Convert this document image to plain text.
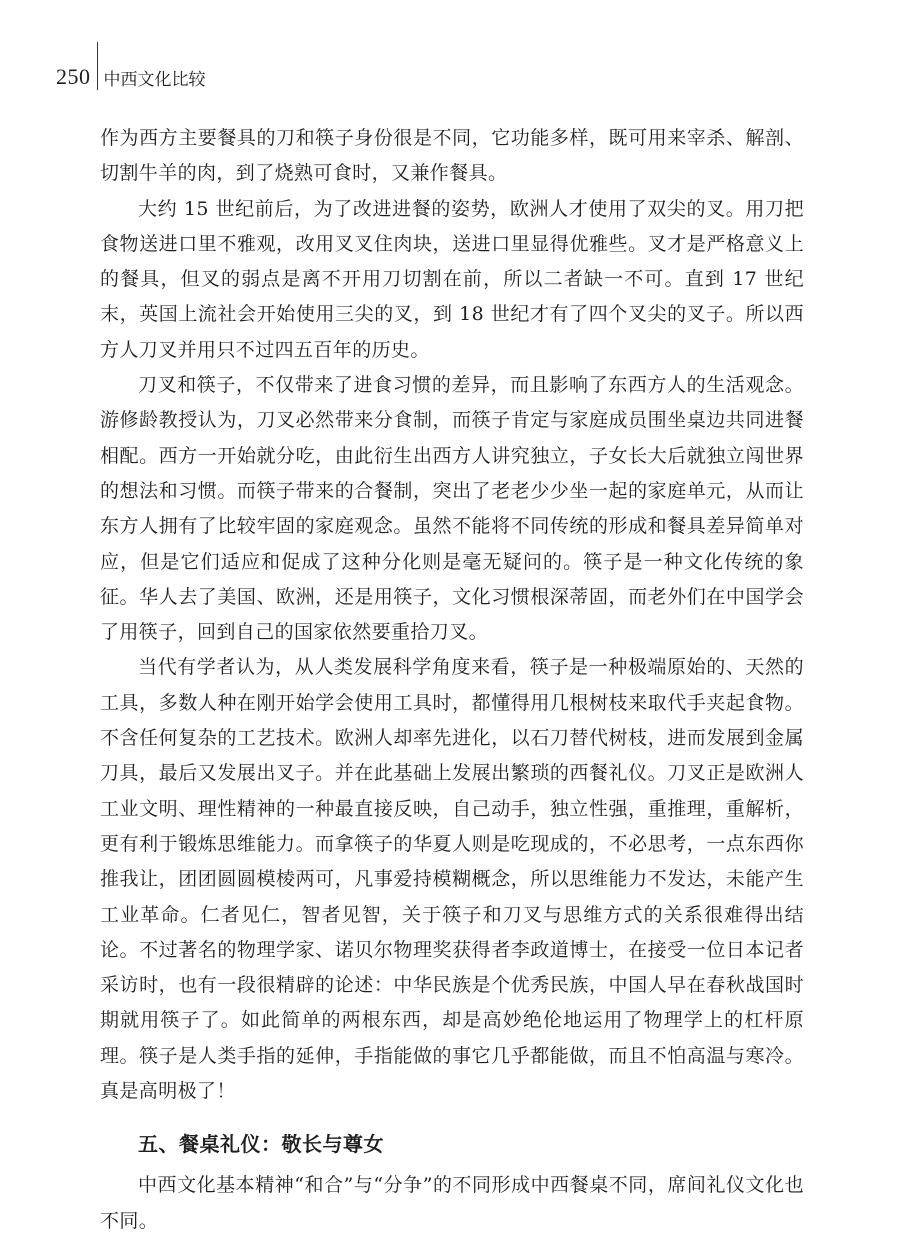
250 中西文化比较

作为西方主要餐具的刀和筷子身份很是不同，它功能多样，既可用来宰杀、解剖、切割牛羊的肉，到了烧熟可食时，又兼作餐具。

大约 15 世纪前后，为了改进进餐的姿势，欧洲人才使用了双尖的叉。用刀把食物送进口里不雅观，改用叉叉住肉块，送进口里显得优雅些。叉才是严格意义上的餐具，但叉的弱点是离不开用刀切割在前，所以二者缺一不可。直到 17 世纪末，英国上流社会开始使用三尖的叉，到 18 世纪才有了四个叉尖的叉子。所以西方人刀叉并用只不过四五百年的历史。

刀叉和筷子，不仅带来了进食习惯的差异，而且影响了东西方人的生活观念。游修龄教授认为，刀叉必然带来分食制，而筷子肯定与家庭成员围坐桌边共同进餐相配。西方一开始就分吃，由此衍生出西方人讲究独立，子女长大后就独立闯世界的想法和习惯。而筷子带来的合餐制，突出了老老少少坐一起的家庭单元，从而让东方人拥有了比较牢固的家庭观念。虽然不能将不同传统的形成和餐具差异简单对应，但是它们适应和促成了这种分化则是毫无疑问的。筷子是一种文化传统的象征。华人去了美国、欧洲，还是用筷子，文化习惯根深蒂固，而老外们在中国学会了用筷子，回到自己的国家依然要重拾刀叉。

当代有学者认为，从人类发展科学角度来看，筷子是一种极端原始的、天然的工具，多数人种在刚开始学会使用工具时，都懂得用几根树枝来取代手夹起食物。不含任何复杂的工艺技术。欧洲人却率先进化，以石刀替代树枝，进而发展到金属刀具，最后又发展出叉子。并在此基础上发展出繁琐的西餐礼仪。刀叉正是欧洲人工业文明、理性精神的一种最直接反映，自己动手，独立性强，重推理，重解析，更有利于锻炼思维能力。而拿筷子的华夏人则是吃现成的，不必思考，一点东西你推我让，团团圆圆模棱两可，凡事爱持模糊概念，所以思维能力不发达，未能产生工业革命。仁者见仁，智者见智，关于筷子和刀叉与思维方式的关系很难得出结论。不过著名的物理学家、诺贝尔物理奖获得者李政道博士，在接受一位日本记者采访时，也有一段很精辟的论述：中华民族是个优秀民族，中国人早在春秋战国时期就用筷子了。如此简单的两根东西，却是高妙绝伦地运用了物理学上的杠杆原理。筷子是人类手指的延伸，手指能做的事它几乎都能做，而且不怕高温与寒冷。真是高明极了！

五、餐桌礼仪：敬长与尊女

中西文化基本精神“和合”与“分争”的不同形成中西餐桌不同，席间礼仪文化也不同。
